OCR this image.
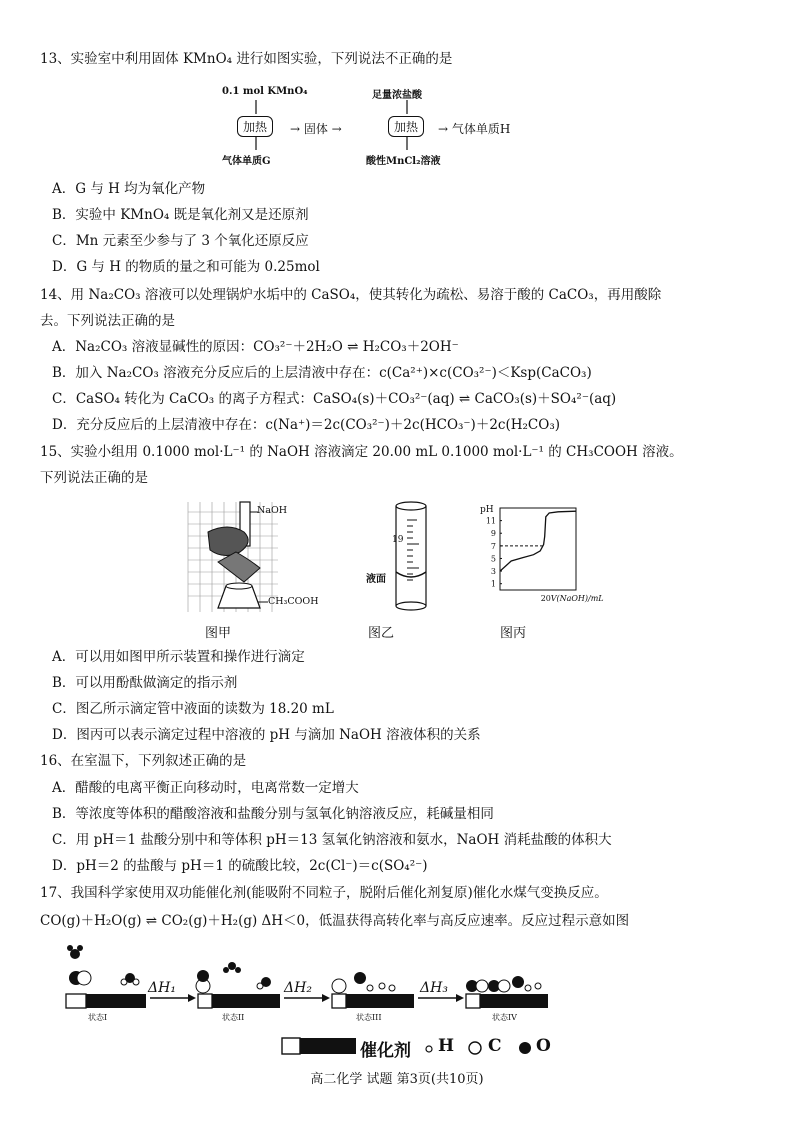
13、实验室中利用固体 KMnO₄ 进行如图实验，下列说法不正确的是
0.1 mol KMnO₄
加热	→ 固体 →	加热	→ 气体单质H
足量浓盐酸
气体单质G	酸性MnCl₂溶液
A．G 与 H 均为氧化产物
B．实验中 KMnO₄ 既是氧化剂又是还原剂
C．Mn 元素至少参与了 3 个氧化还原反应
D．G 与 H 的物质的量之和可能为 0.25mol
14、用 Na₂CO₃ 溶液可以处理锅炉水垢中的 CaSO₄，使其转化为疏松、易溶于酸的 CaCO₃，再用酸除
去。下列说法正确的是
A．Na₂CO₃ 溶液显碱性的原因：CO₃²⁻＋2H₂O ⇌ H₂CO₃＋2OH⁻
B．加入 Na₂CO₃ 溶液充分反应后的上层清液中存在：c(Ca²⁺)×c(CO₃²⁻)＜Ksp(CaCO₃)
C．CaSO₄ 转化为 CaCO₃ 的离子方程式：CaSO₄(s)＋CO₃²⁻(aq) ⇌ CaCO₃(s)＋SO₄²⁻(aq)
D．充分反应后的上层清液中存在：c(Na⁺)＝2c(CO₃²⁻)＋2c(HCO₃⁻)＋2c(H₂CO₃)
15、实验小组用 0.1000 mol·L⁻¹ 的 NaOH 溶液滴定 20.00 mL 0.1000 mol·L⁻¹ 的 CH₃COOH 溶液。
下列说法正确的是
NaOH
CH₃COOH
图甲
19
液面
图乙
pH
1
3
5
7
9
11
20 V(NaOH)/mL
图丙
A．可以用如图甲所示装置和操作进行滴定
B．可以用酚酞做滴定的指示剂
C．图乙所示滴定管中液面的读数为 18.20 mL
D．图丙可以表示滴定过程中溶液的 pH 与滴加 NaOH 溶液体积的关系
16、在室温下，下列叙述正确的是
A．醋酸的电离平衡正向移动时，电离常数一定增大
B．等浓度等体积的醋酸溶液和盐酸分别与氢氧化钠溶液反应，耗碱量相同
C．用 pH＝1 盐酸分别中和等体积 pH＝13 氢氧化钠溶液和氨水，NaOH 消耗盐酸的体积大
D．pH＝2 的盐酸与 pH＝1 的硫酸比较，2c(Cl⁻)＝c(SO₄²⁻)
17、我国科学家使用双功能催化剂(能吸附不同粒子，脱附后催化剂复原)催化水煤气变换反应。
CO(g)＋H₂O(g) ⇌ CO₂(g)＋H₂(g) ΔH＜0，低温获得高转化率与高反应速率。反应过程示意如图
ΔH₁	ΔH₂	ΔH₃
状态I	状态II	状态III	状态IV
催化剂 H C O
高二化学 试题 第3页(共10页)
